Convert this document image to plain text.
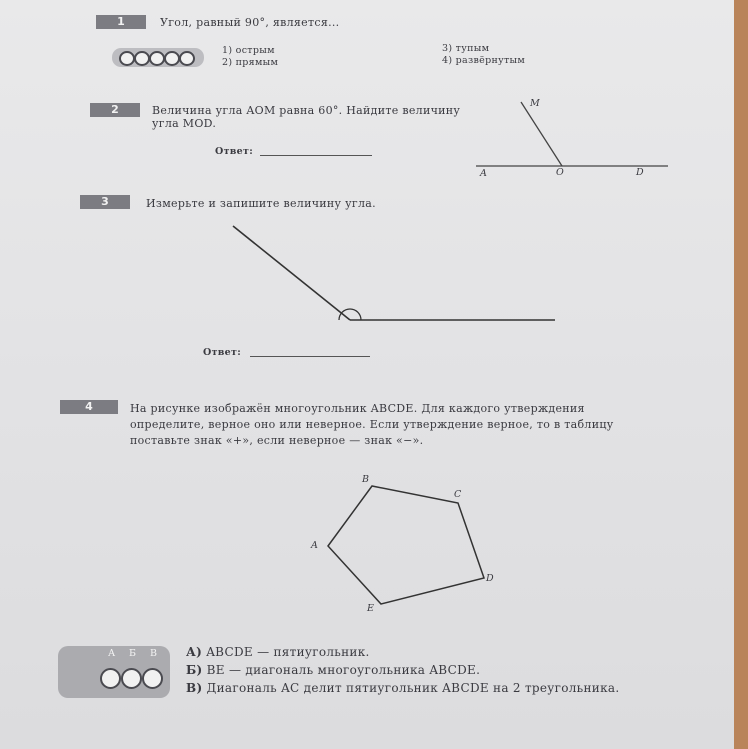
1	Угол, равный 90°, является...
1) острым
2) прямым
3) тупым
4) развёрнутым
2	Величина угла AOM равна 60°. Найдите величину
угла MOD.
Ответ:
M
A	O	D
3	Измерьте и запишите величину угла.
Ответ:
4	На рисунке изображён многоугольник ABCDE. Для каждого утверждения
определите, верное оно или неверное. Если утверждение верное, то в таблицу
поставьте знак «+», если неверное — знак «−».
B
C
A
D
E
А Б В А) ABCDE — пятиугольник.
Б) BE — диагональ многоугольника ABCDE.
В) Диагональ AC делит пятиугольник ABCDE на 2 треугольника.
